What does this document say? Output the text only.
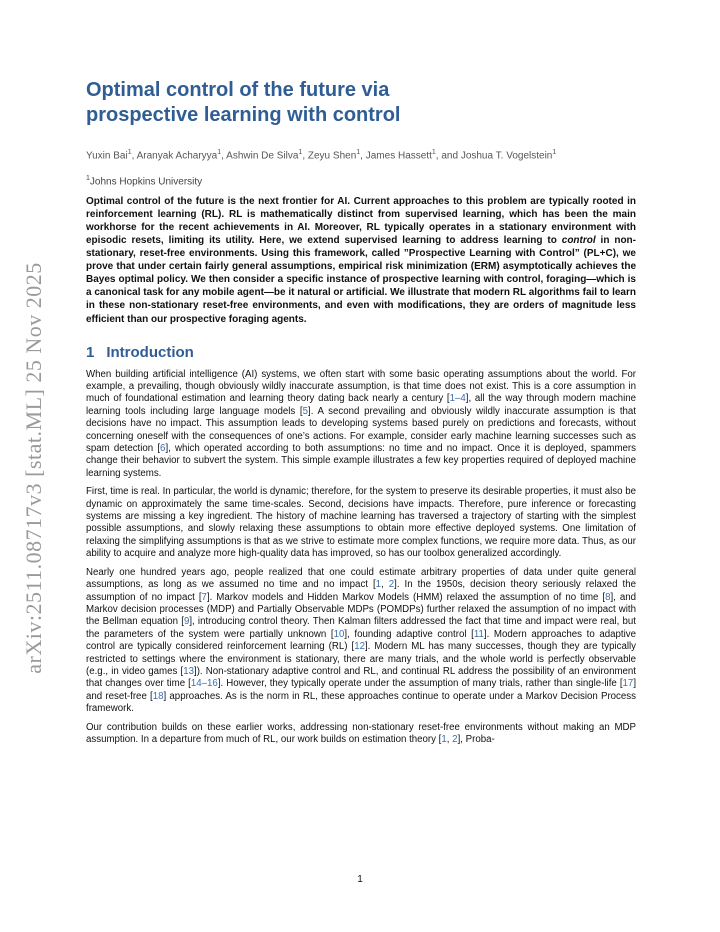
arXiv:2511.08717v3 [stat.ML] 25 Nov 2025
Optimal control of the future via
prospective learning with control
Yuxin Bai$^1$, Aranyak Acharyya$^1$, Ashwin De Silva$^1$, Zeyu Shen$^1$, James Hassett$^1$, and Joshua T. Vogelstein$^1$
$^1$Johns Hopkins University

Optimal control of the future is the next frontier for AI. Current approaches to this problem are typically rooted in reinforcement learning (RL). RL is mathematically distinct from supervised learning, which has been the main workhorse for the recent achievements in AI. Moreover, RL typically operates in a stationary environment with episodic resets, limiting its utility. Here, we extend supervised learning to address learning to control in non-stationary, reset-free environments. Using this framework, called ”Prospective Learning with Control” (PL+C), we prove that under certain fairly general assumptions, empirical risk minimization (ERM) asymptotically achieves the Bayes optimal policy. We then consider a specific instance of prospective learning with control, foraging—which is a canonical task for any mobile agent—be it natural or artificial. We illustrate that modern RL algorithms fail to learn in these non-stationary reset-free environments, and even with modifications, they are orders of magnitude less efficient than our prospective foraging agents.

1 Introduction

When building artificial intelligence (AI) systems, we often start with some basic operating assumptions about the world. For example, a prevailing, though obviously wildly inaccurate assumption, is that time does not exist. This is a core assumption in much of foundational estimation and learning theory dating back nearly a century [1–4], all the way through modern machine learning tools including large language models [5]. A second prevailing and obviously wildly inaccurate assumption is that decisions have no impact. This assumption leads to developing systems based purely on predictions and forecasts, without concerning oneself with the consequences of one’s actions. For example, consider early machine learning successes such as spam detection [6], which operated according to both assumptions: no time and no impact. Once it is deployed, spammers change their behavior to subvert the system. This simple example illustrates a few key properties required of deployed machine learning systems.

First, time is real. In particular, the world is dynamic; therefore, for the system to preserve its desirable properties, it must also be dynamic on approximately the same time-scales. Second, decisions have impacts. Therefore, pure inference or forecasting systems are missing a key ingredient. The history of machine learning has traversed a trajectory of starting with the simplest possible assumptions, and slowly relaxing these assumptions to obtain more effective deployed systems. One limitation of relaxing the simplifying assumptions is that as we strive to estimate more complex functions, we require more data. Thus, as our ability to acquire and analyze more high-quality data has improved, so has our toolbox generalized accordingly.

Nearly one hundred years ago, people realized that one could estimate arbitrary properties of data under quite general assumptions, as long as we assumed no time and no impact [1, 2]. In the 1950s, decision theory seriously relaxed the assumption of no impact [7]. Markov models and Hidden Markov Models (HMM) relaxed the assumption of no time [8], and Markov decision processes (MDP) and Partially Observable MDPs (POMDPs) further relaxed the assumption of no impact with the Bellman equation [9], introducing control theory. Then Kalman filters addressed the fact that time and impact were real, but the parameters of the system were partially unknown [10], founding adaptive control [11]. Modern approaches to adaptive control are typically considered reinforcement learning (RL) [12]. Modern ML has many successes, though they are typically restricted to settings where the environment is stationary, there are many trials, and the whole world is perfectly observable (e.g., in video games [13]). Non-stationary adaptive control and RL, and continual RL address the possibility of an environment that changes over time [14–16]. However, they typically operate under the assumption of many trials, rather than single-life [17] and reset-free [18] approaches. As is the norm in RL, these approaches continue to operate under a Markov Decision Process framework.

Our contribution builds on these earlier works, addressing non-stationary reset-free environments without making an MDP assumption. In a departure from much of RL, our work builds on estimation theory [1, 2], Proba-

1
